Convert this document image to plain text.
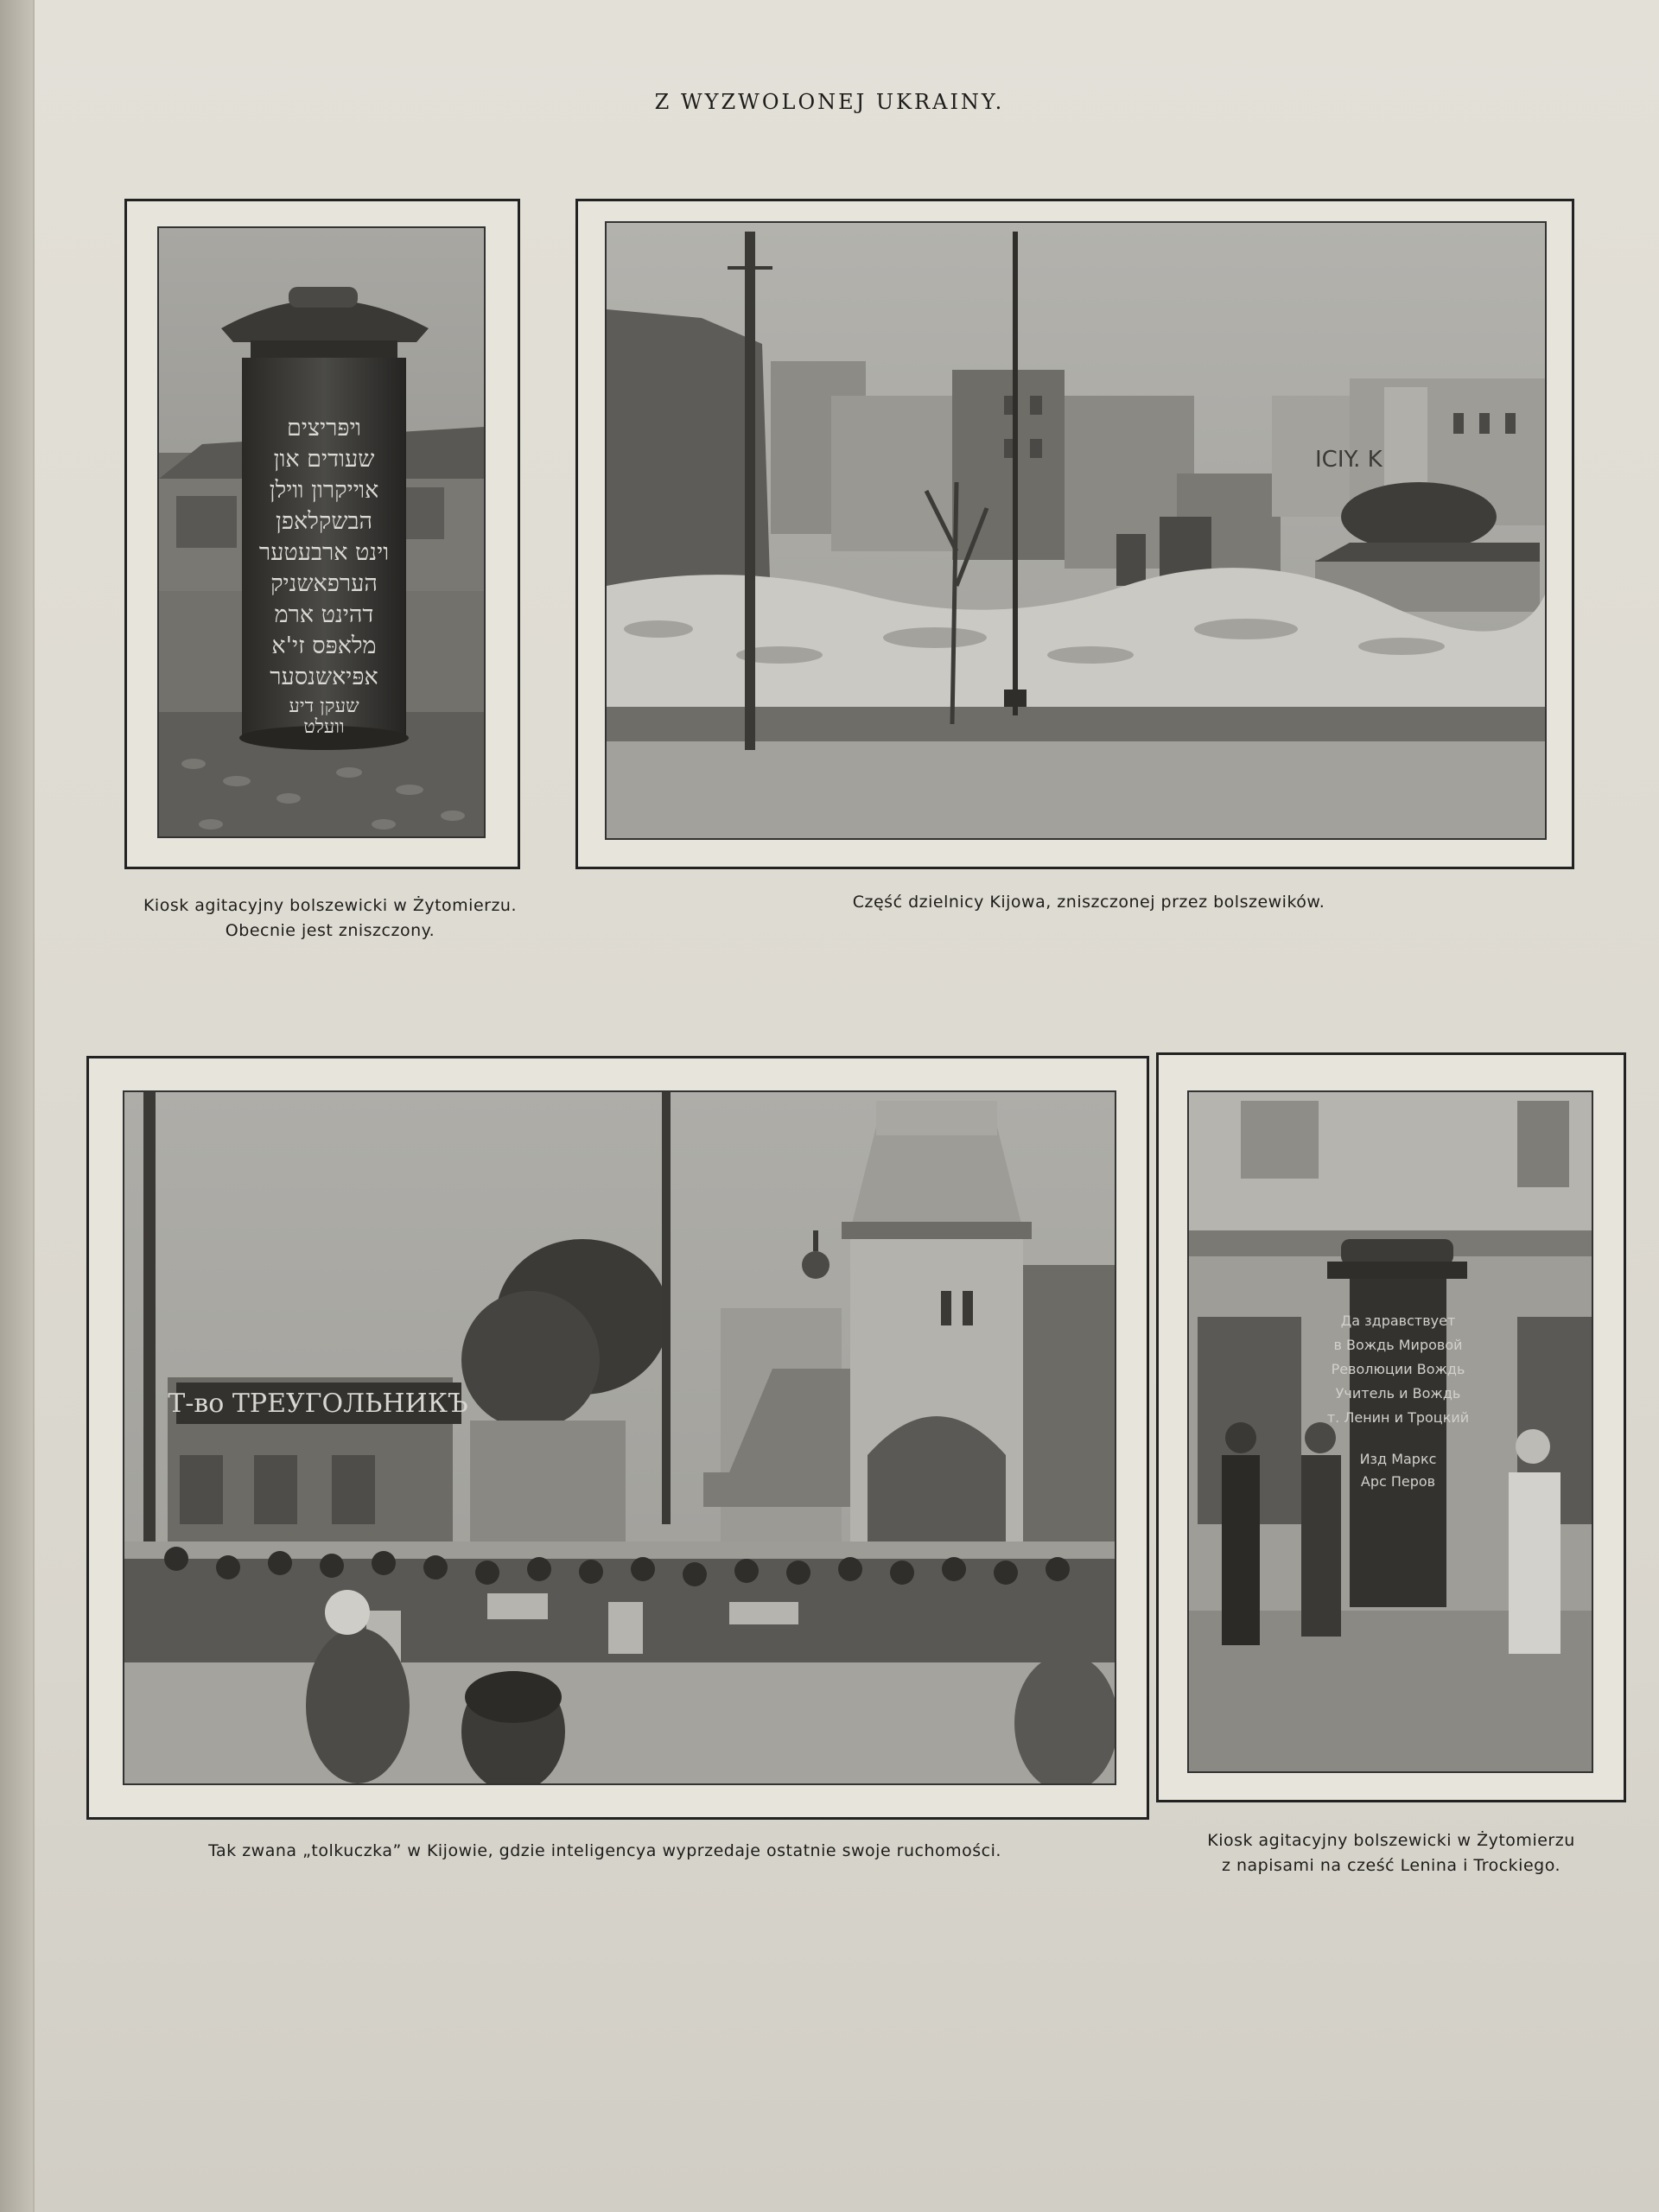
Z WYZWOLONEJ UKRAINY.
ױפּריצים
שעודים און
אױיקרון װילן
הבשקלאפן
וינט ארבעטער
הערפאשניק
דהינט ארמ
מלאפּס זי'א
אפּיאשנסער
שעקן דיע
וועלט
Kiosk agitacyjny bolszewicki w Żytomierzu.
Obecnie jest zniszczony.
ICIY. K
Część dzielnicy Kijowa, zniszczonej przez bolszewików.
Т-во ТРЕУГОЛЬНИКЪ
Tak zwana „tolkuczka” w Kijowie, gdzie inteligencya wyprzedaje ostatnie swoje ruchomości.
Да здравствует
в Вождь Мировой
Революции Вождь
Учитель и Вождь
т. Ленин и Троцкий
Изд Маркс
Арс Перов
Kiosk agitacyjny bolszewicki w Żytomierzu
z napisami na cześć Lenina i Trockiego.
